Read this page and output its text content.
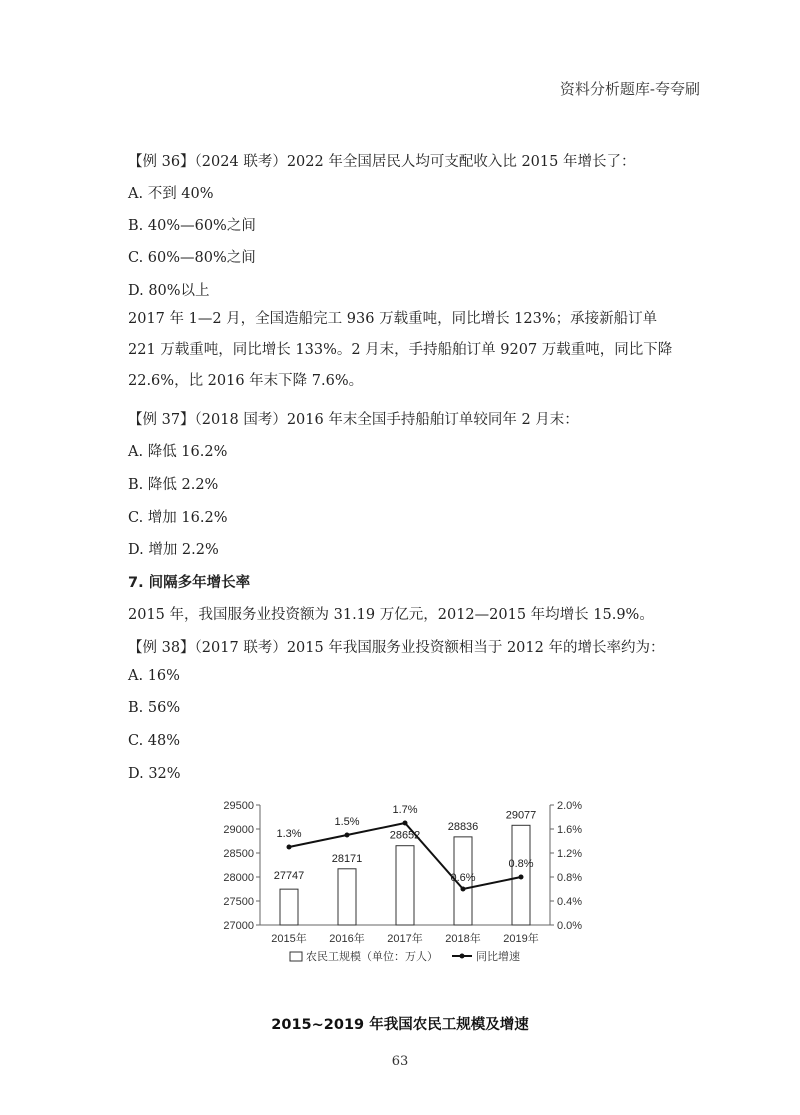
资料分析题库-夸夸刷
【例 36】（2024 联考）2022 年全国居民人均可支配收入比 2015 年增长了：
A. 不到 40%
B. 40%—60%之间
C. 60%—80%之间
D. 80%以上
2017 年 1—2 月，全国造船完工 936 万载重吨，同比增长 123%；承接新船订单 221 万载重吨，同比增长 133%。2 月末，手持船舶订单 9207 万载重吨，同比下降 22.6%，比 2016 年末下降 7.6%。
【例 37】（2018 国考）2016 年末全国手持船舶订单较同年 2 月末：
A. 降低 16.2%
B. 降低 2.2%
C. 增加 16.2%
D. 增加 2.2%
7. 间隔多年增长率
2015 年，我国服务业投资额为 31.19 万亿元，2012—2015 年均增长 15.9%。
【例 38】（2017 联考）2015 年我国服务业投资额相当于 2012 年的增长率约为：
A. 16%
B. 56%
C. 48%
D. 32%
29500
29000
28500
28000
27500
27000
2.0%
1.6%
1.2%
0.8%
0.4%
0.0%
27747
28171
28652
28836
29077
1.3%
1.5%
1.7%
0.6%
0.8%
2015年 2016年 2017年 2018年 2019年
农民工规模（单位：万人）	同比增速
2015~2019 年我国农民工规模及增速
63
